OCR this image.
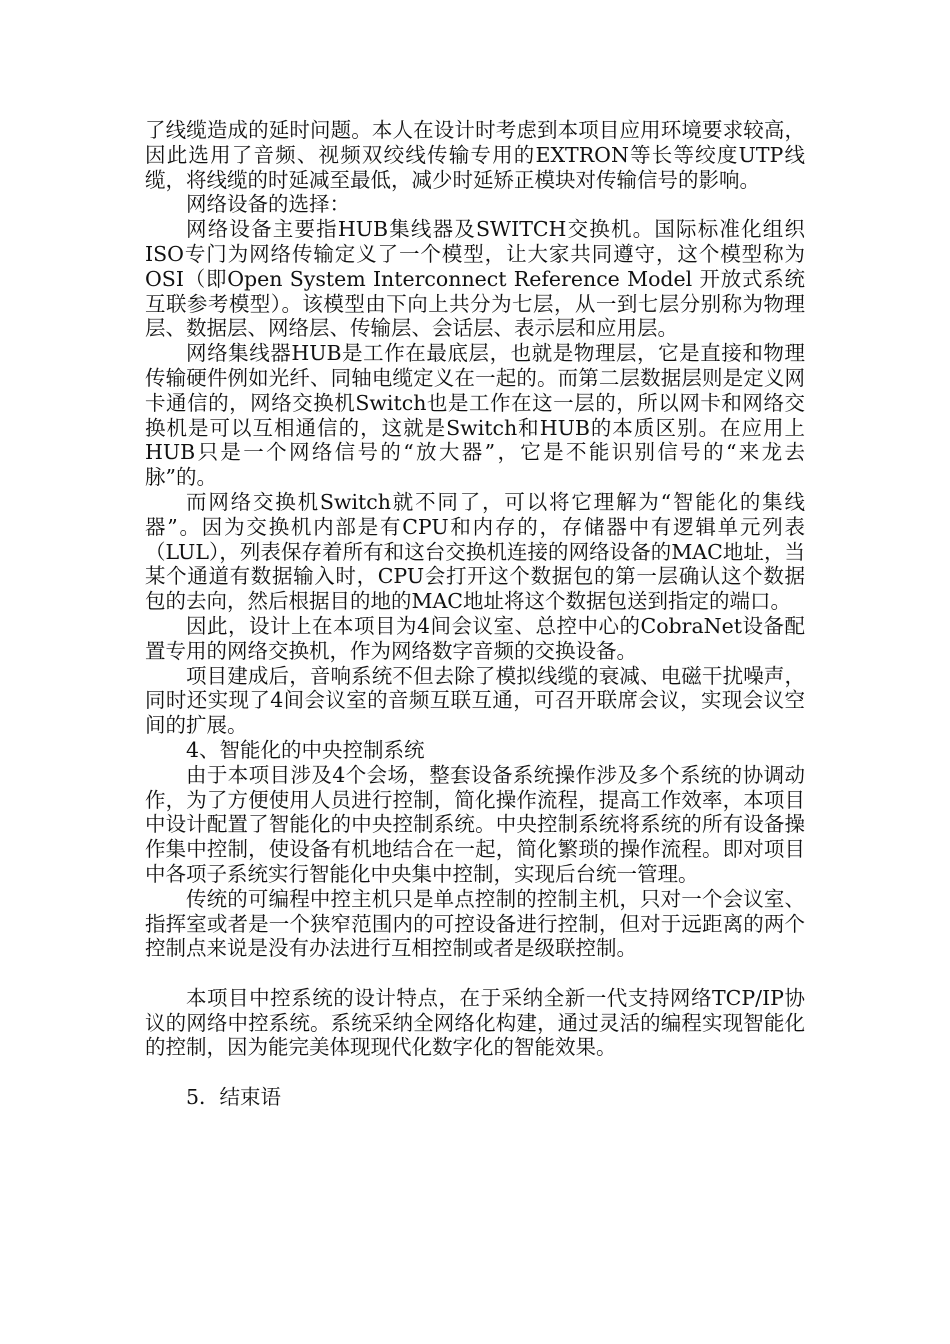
了线缆造成的延时问题。本人在设计时考虑到本项目应用环境要求较高，因此选用了音频、视频双绞线传输专用的EXTRON等长等绞度UTP线缆，将线缆的时延减至最低，减少时延矫正模块对传输信号的影响。

网络设备的选择：

网络设备主要指HUB集线器及SWITCH交换机。国际标准化组织ISO专门为网络传输定义了一个模型，让大家共同遵守，这个模型称为OSI（即Open System Interconnect Reference Model 开放式系统互联参考模型）。该模型由下向上共分为七层，从一到七层分别称为物理层、数据层、网络层、传输层、会话层、表示层和应用层。

网络集线器HUB是工作在最底层，也就是物理层，它是直接和物理传输硬件例如光纤、同轴电缆定义在一起的。而第二层数据层则是定义网卡通信的，网络交换机Switch也是工作在这一层的，所以网卡和网络交换机是可以互相通信的，这就是Switch和HUB的本质区别。在应用上HUB只是一个网络信号的“放大器”，它是不能识别信号的“来龙去脉”的。

而网络交换机Switch就不同了，可以将它理解为“智能化的集线器”。因为交换机内部是有CPU和内存的，存储器中有逻辑单元列表（LUL），列表保存着所有和这台交换机连接的网络设备的MAC地址，当某个通道有数据输入时，CPU会打开这个数据包的第一层确认这个数据包的去向，然后根据目的地的MAC地址将这个数据包送到指定的端口。

因此，设计上在本项目为4间会议室、总控中心的CobraNet设备配置专用的网络交换机，作为网络数字音频的交换设备。

项目建成后，音响系统不但去除了模拟线缆的衰减、电磁干扰噪声，同时还实现了4间会议室的音频互联互通，可召开联席会议，实现会议空间的扩展。

4、智能化的中央控制系统

由于本项目涉及4个会场，整套设备系统操作涉及多个系统的协调动作，为了方便使用人员进行控制，简化操作流程，提高工作效率，本项目中设计配置了智能化的中央控制系统。中央控制系统将系统的所有设备操作集中控制，使设备有机地结合在一起，简化繁琐的操作流程。即对项目中各项子系统实行智能化中央集中控制，实现后台统一管理。

传统的可编程中控主机只是单点控制的控制主机，只对一个会议室、指挥室或者是一个狭窄范围内的可控设备进行控制，但对于远距离的两个控制点来说是没有办法进行互相控制或者是级联控制。

本项目中控系统的设计特点，在于采纳全新一代支持网络TCP/IP协议的网络中控系统。系统采纳全网络化构建，通过灵活的编程实现智能化的控制，因为能完美体现现代化数字化的智能效果。

5．结束语
